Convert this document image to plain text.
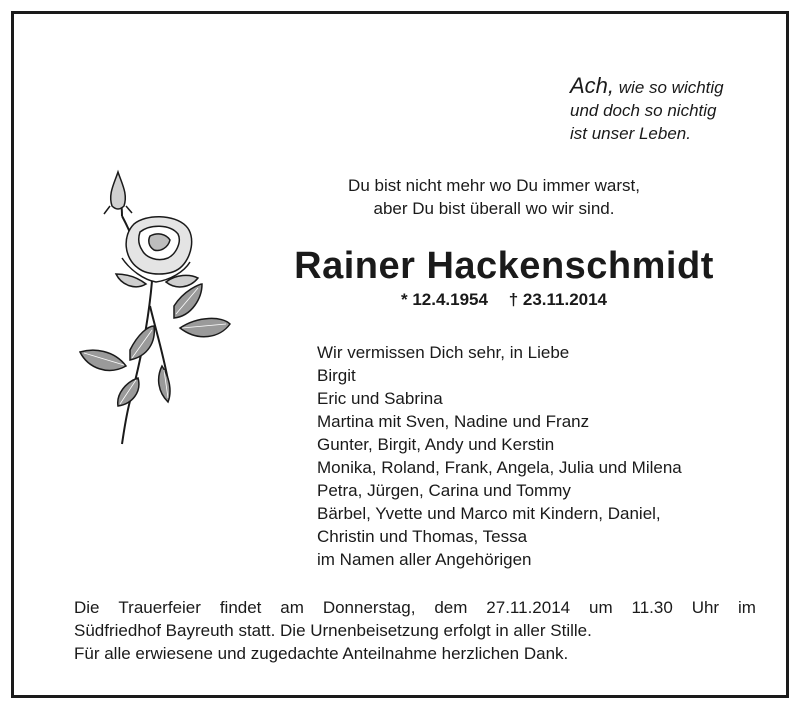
Ach, wie so wichtig
und doch so nichtig
ist unser Leben.
Du bist nicht mehr wo Du immer warst,
aber Du bist überall wo wir sind.
Rainer Hackenschmidt
* 12.4.1954 † 23.11.2014
Wir vermissen Dich sehr, in Liebe
Birgit
Eric und Sabrina
Martina mit Sven, Nadine und Franz
Gunter, Birgit, Andy und Kerstin
Monika, Roland, Frank, Angela, Julia und Milena
Petra, Jürgen, Carina und Tommy
Bärbel, Yvette und Marco mit Kindern, Daniel,
Christin und Thomas, Tessa
im Namen aller Angehörigen
Die Trauerfeier findet am Donnerstag, dem 27.11.2014 um 11.30 Uhr im
Südfriedhof Bayreuth statt. Die Urnenbeisetzung erfolgt in aller Stille.
Für alle erwiesene und zugedachte Anteilnahme herzlichen Dank.
